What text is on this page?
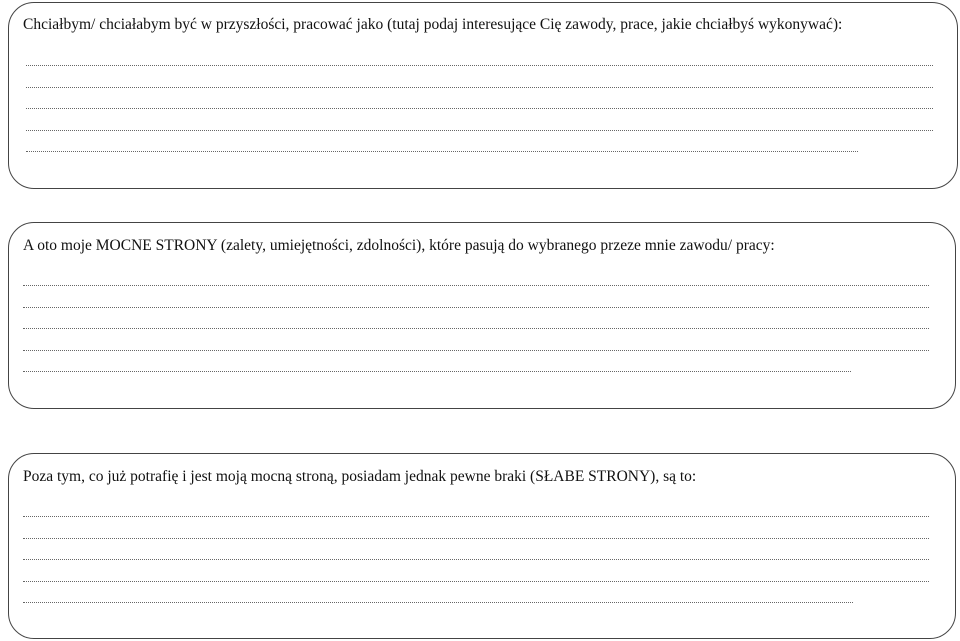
Chciałbym/ chciałabym być w przyszłości, pracować jako (tutaj podaj interesujące Cię zawody, prace, jakie chciałbyś wykonywać):
A oto moje MOCNE STRONY (zalety, umiejętności, zdolności), które pasują do wybranego przeze mnie zawodu/ pracy:
Poza tym, co już potrafię i jest moją mocną stroną, posiadam jednak pewne braki (SŁABE STRONY), są to:
